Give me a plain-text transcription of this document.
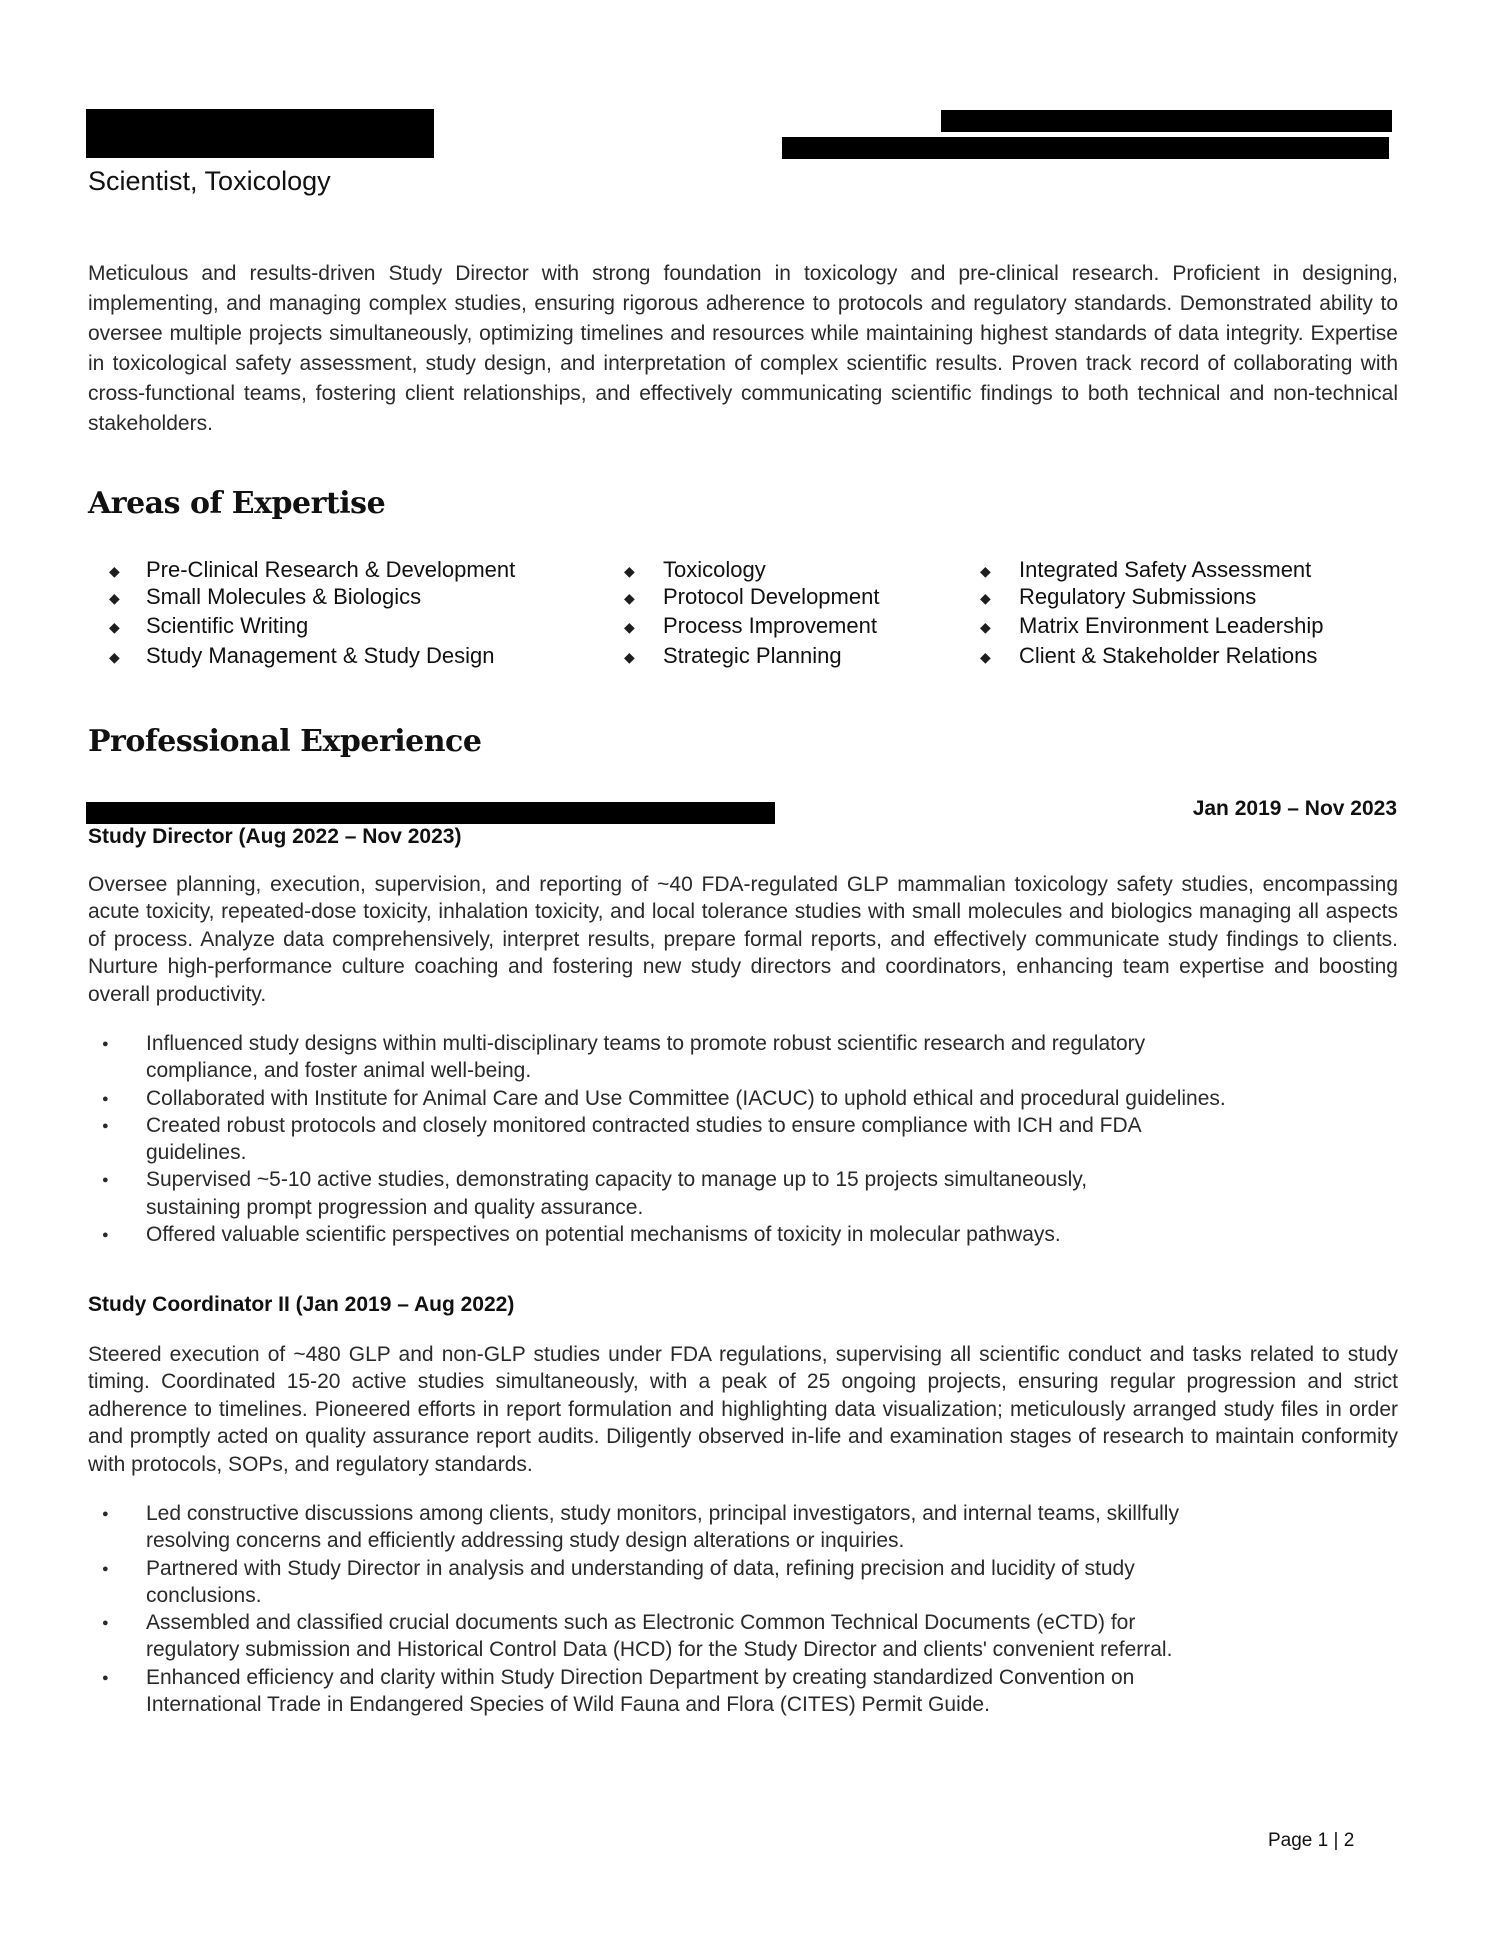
Scientist, Toxicology
Meticulous and results-driven Study Director with strong foundation in toxicology and pre-clinical research. Proficient in designing, implementing, and managing complex studies, ensuring rigorous adherence to protocols and regulatory standards. Demonstrated ability to oversee multiple projects simultaneously, optimizing timelines and resources while maintaining highest standards of data integrity. Expertise in toxicological safety assessment, study design, and interpretation of complex scientific results. Proven track record of collaborating with cross-functional teams, fostering client relationships, and effectively communicating scientific findings to both technical and non-technical stakeholders.
Areas of Expertise
◆ Pre-Clinical Research & Development
◆ Small Molecules & Biologics
◆ Scientific Writing
◆ Study Management & Study Design
◆ Toxicology
◆ Protocol Development
◆ Process Improvement
◆ Strategic Planning
◆ Integrated Safety Assessment
◆ Regulatory Submissions
◆ Matrix Environment Leadership
◆ Client & Stakeholder Relations
Professional Experience
Jan 2019 – Nov 2023
Study Director (Aug 2022 – Nov 2023)
Oversee planning, execution, supervision, and reporting of ~40 FDA-regulated GLP mammalian toxicology safety studies, encompassing acute toxicity, repeated-dose toxicity, inhalation toxicity, and local tolerance studies with small molecules and biologics managing all aspects of process. Analyze data comprehensively, interpret results, prepare formal reports, and effectively communicate study findings to clients. Nurture high-performance culture coaching and fostering new study directors and coordinators, enhancing team expertise and boosting overall productivity.
● Influenced study designs within multi-disciplinary teams to promote robust scientific research and regulatory
compliance, and foster animal well-being.
● Collaborated with Institute for Animal Care and Use Committee (IACUC) to uphold ethical and procedural guidelines.
● Created robust protocols and closely monitored contracted studies to ensure compliance with ICH and FDA
guidelines.
● Supervised ~5-10 active studies, demonstrating capacity to manage up to 15 projects simultaneously,
sustaining prompt progression and quality assurance.
● Offered valuable scientific perspectives on potential mechanisms of toxicity in molecular pathways.
Study Coordinator II (Jan 2019 – Aug 2022)
Steered execution of ~480 GLP and non-GLP studies under FDA regulations, supervising all scientific conduct and tasks related to study timing. Coordinated 15-20 active studies simultaneously, with a peak of 25 ongoing projects, ensuring regular progression and strict adherence to timelines. Pioneered efforts in report formulation and highlighting data visualization; meticulously arranged study files in order and promptly acted on quality assurance report audits. Diligently observed in-life and examination stages of research to maintain conformity with protocols, SOPs, and regulatory standards.
● Led constructive discussions among clients, study monitors, principal investigators, and internal teams, skillfully
resolving concerns and efficiently addressing study design alterations or inquiries.
● Partnered with Study Director in analysis and understanding of data, refining precision and lucidity of study
conclusions.
● Assembled and classified crucial documents such as Electronic Common Technical Documents (eCTD) for
regulatory submission and Historical Control Data (HCD) for the Study Director and clients' convenient referral.
● Enhanced efficiency and clarity within Study Direction Department by creating standardized Convention on
International Trade in Endangered Species of Wild Fauna and Flora (CITES) Permit Guide.
Page 1 | 2
